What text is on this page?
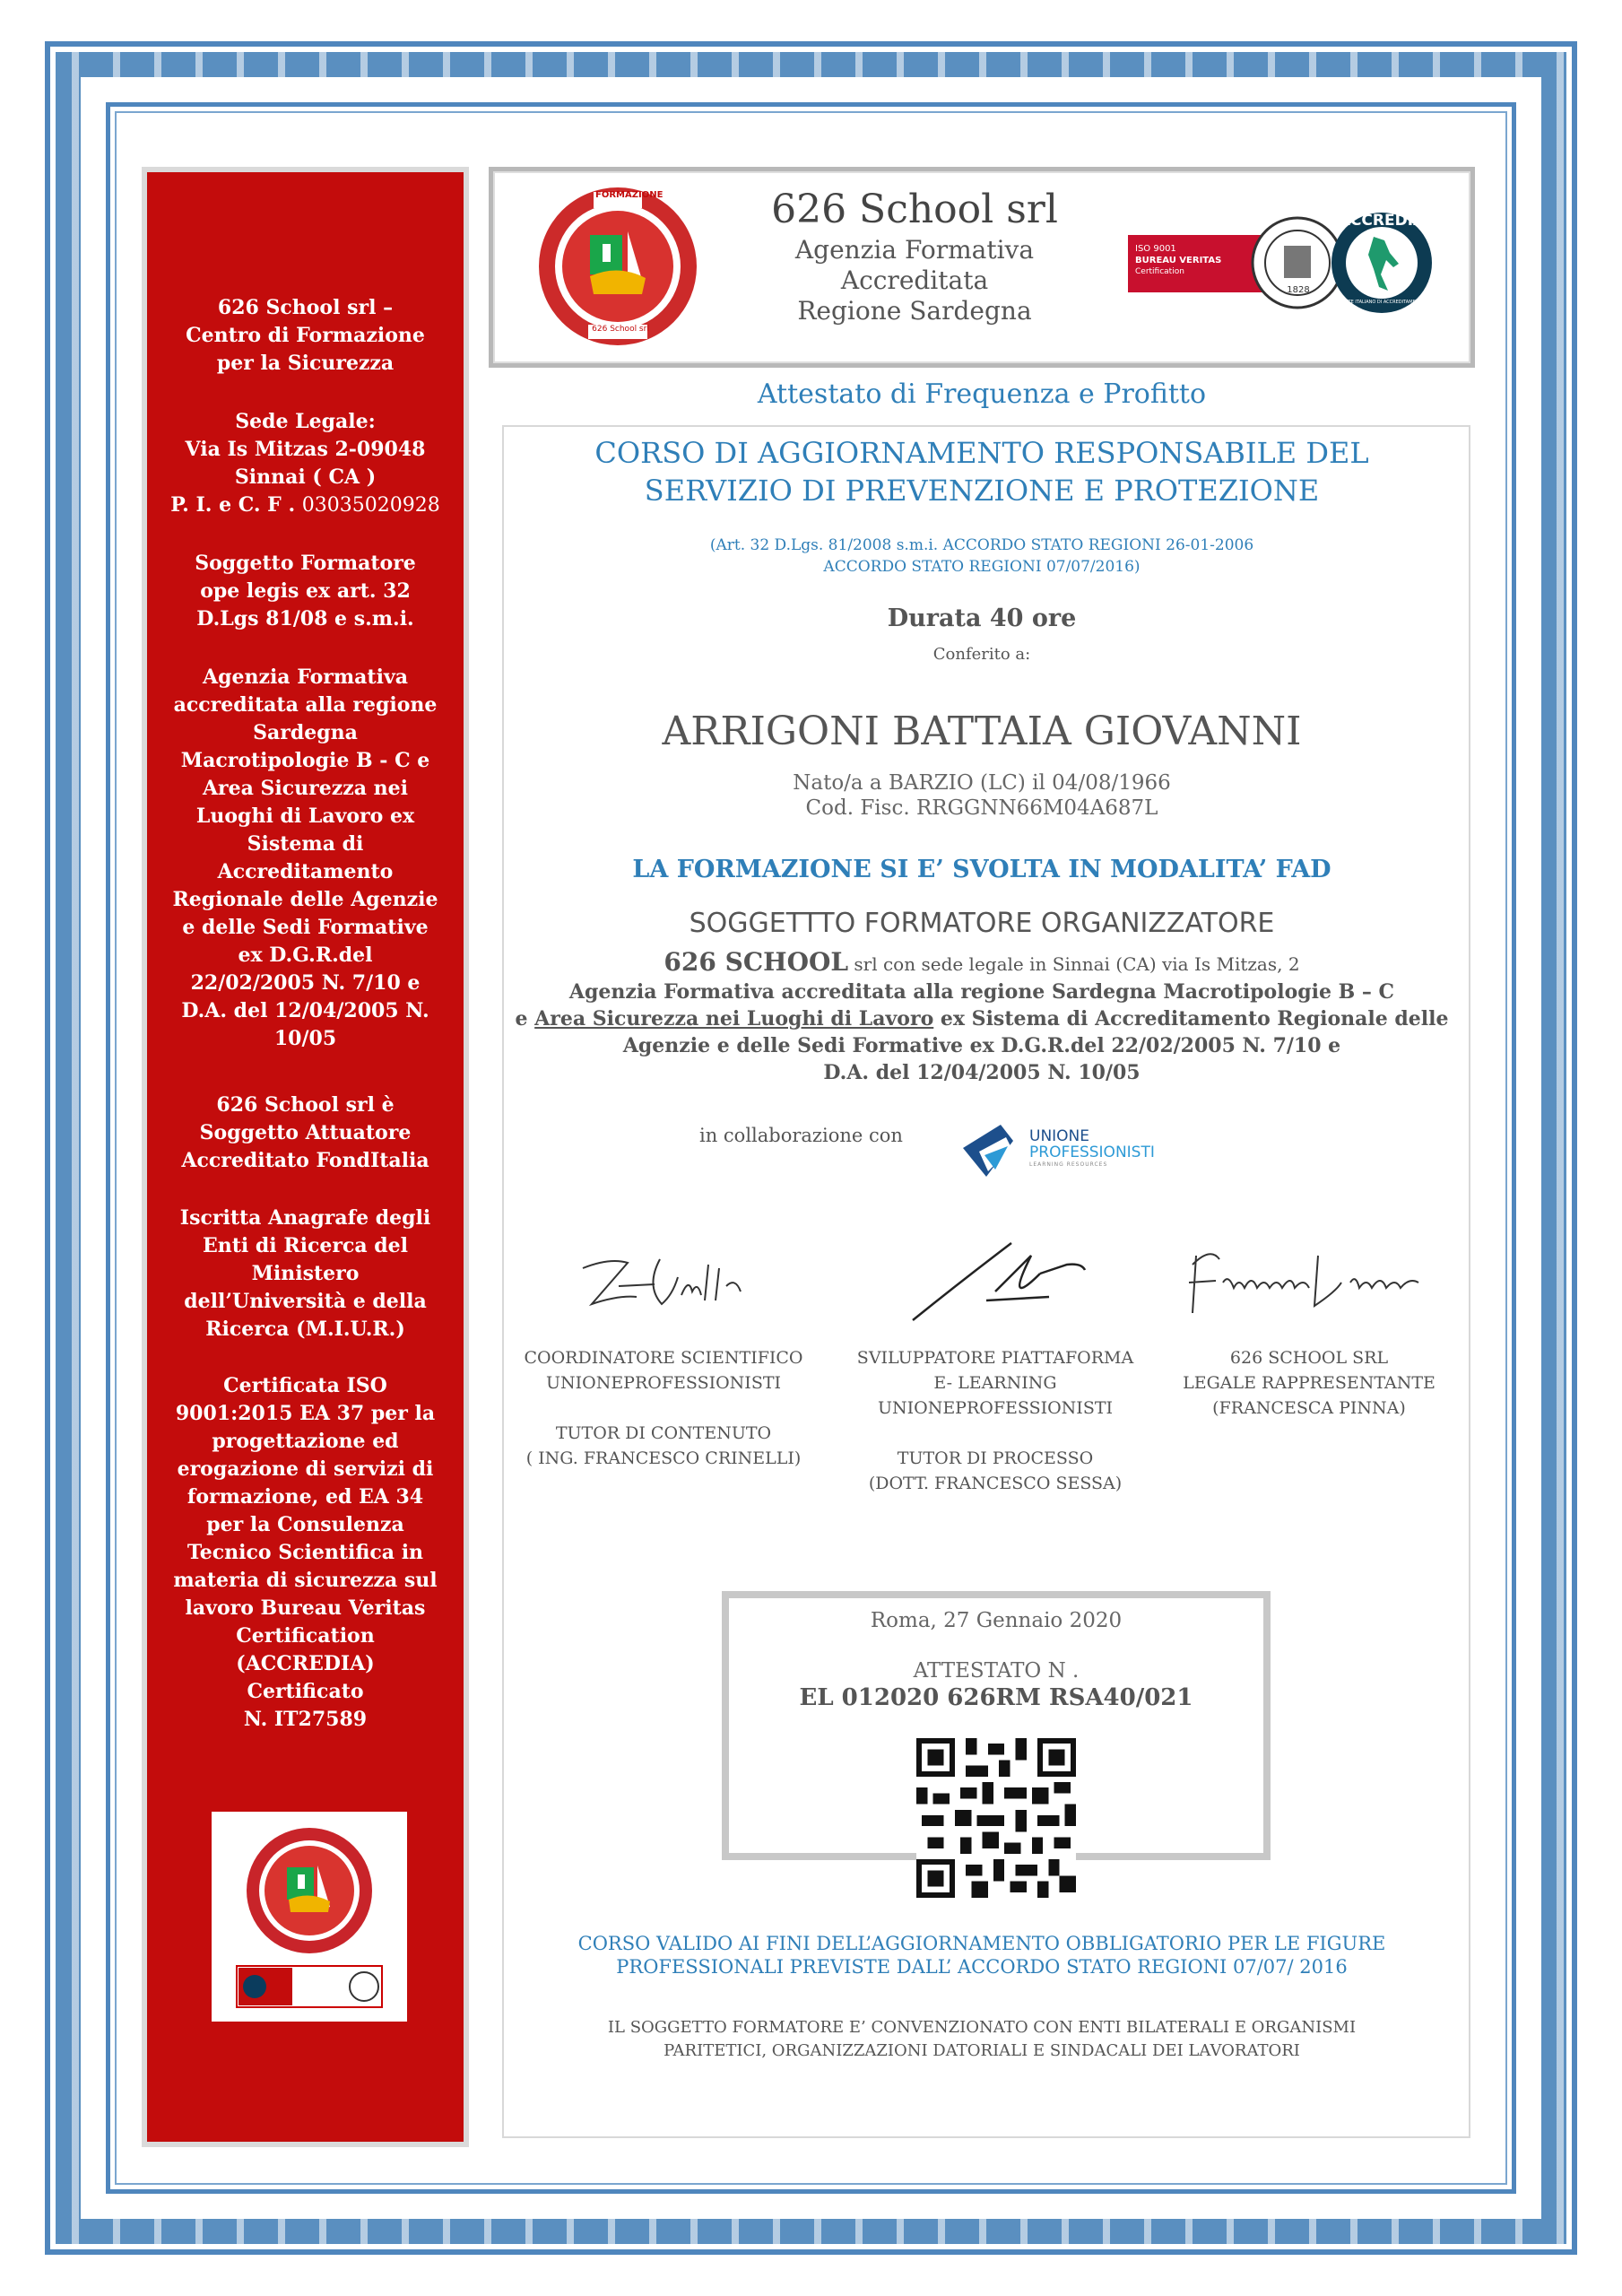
626 School srl –
Centro di Formazione
per la Sicurezza
Sede Legale:
Via Is Mitzas 2-09048
Sinnai ( CA )
P. I. e C. F . 03035020928
Soggetto Formatore
ope legis ex art. 32
D.Lgs 81/08 e s.m.i.
Agenzia Formativa
accreditata alla regione
Sardegna
Macrotipologie B - C e
Area Sicurezza nei
Luoghi di Lavoro ex
Sistema di
Accreditamento
Regionale delle Agenzie
e delle Sedi Formative
ex D.G.R.del
22/02/2005 N. 7/10 e
D.A. del 12/04/2005 N.
10/05
626 School srl è
Soggetto Attuatore
Accreditato FondItalia
Iscritta Anagrafe degli
Enti di Ricerca del
Ministero
dell’Università e della
Ricerca (M.I.U.R.)
Certificata ISO
9001:2015 EA 37 per la
progettazione ed
erogazione di servizi di
formazione, ed EA 34
per la Consulenza
Tecnico Scientifica in
materia di sicurezza sul
lavoro Bureau Veritas
Certification
(ACCREDIA)
Certificato
N. IT27589
FORMAZIONE
626 School srl
626 School srl
Agenzia Formativa
Accreditata
Regione Sardegna
ISO 9001
BUREAU VERITAS
Certification
1828
ACCREDIA
L'ENTE ITALIANO DI ACCREDITAMENTO
Attestato di Frequenza e Profitto
CORSO DI AGGIORNAMENTO RESPONSABILE DEL
SERVIZIO DI PREVENZIONE E PROTEZIONE
(Art. 32 D.Lgs. 81/2008 s.m.i. ACCORDO STATO REGIONI 26-01-2006
ACCORDO STATO REGIONI 07/07/2016)
Durata 40 ore
Conferito a:
ARRIGONI BATTAIA GIOVANNI
Nato/a a BARZIO (LC) il 04/08/1966
Cod. Fisc. RRGGNN66M04A687L
LA FORMAZIONE SI E’ SVOLTA IN MODALITA’ FAD
SOGGETTTO FORMATORE ORGANIZZATORE
626 SCHOOL srl con sede legale in Sinnai (CA) via Is Mitzas, 2
Agenzia Formativa accreditata alla regione Sardegna Macrotipologie B – C
e Area Sicurezza nei Luoghi di Lavoro ex Sistema di Accreditamento Regionale delle
Agenzie e delle Sedi Formative ex D.G.R.del 22/02/2005 N. 7/10 e
D.A. del 12/04/2005 N. 10/05
in collaborazione con	UNIONE
PROFESSIONISTI
LEARNING RESOURCES
COORDINATORE SCIENTIFICO
UNIONEPROFESSIONISTI
TUTOR DI CONTENUTO
( ING. FRANCESCO CRINELLI)
SVILUPPATORE PIATTAFORMA
E- LEARNING
UNIONEPROFESSIONISTI
TUTOR DI PROCESSO
(DOTT. FRANCESCO SESSA)
626 SCHOOL SRL
LEGALE RAPPRESENTANTE
(FRANCESCA PINNA)
Roma, 27 Gennaio 2020
ATTESTATO N .
EL 012020 626RM RSA40/021
CORSO VALIDO AI FINI DELL’AGGIORNAMENTO OBBLIGATORIO PER LE FIGURE
PROFESSIONALI PREVISTE DALL’ ACCORDO STATO REGIONI 07/07/ 2016
IL SOGGETTO FORMATORE E’ CONVENZIONATO CON ENTI BILATERALI E ORGANISMI
PARITETICI, ORGANIZZAZIONI DATORIALI E SINDACALI DEI LAVORATORI
